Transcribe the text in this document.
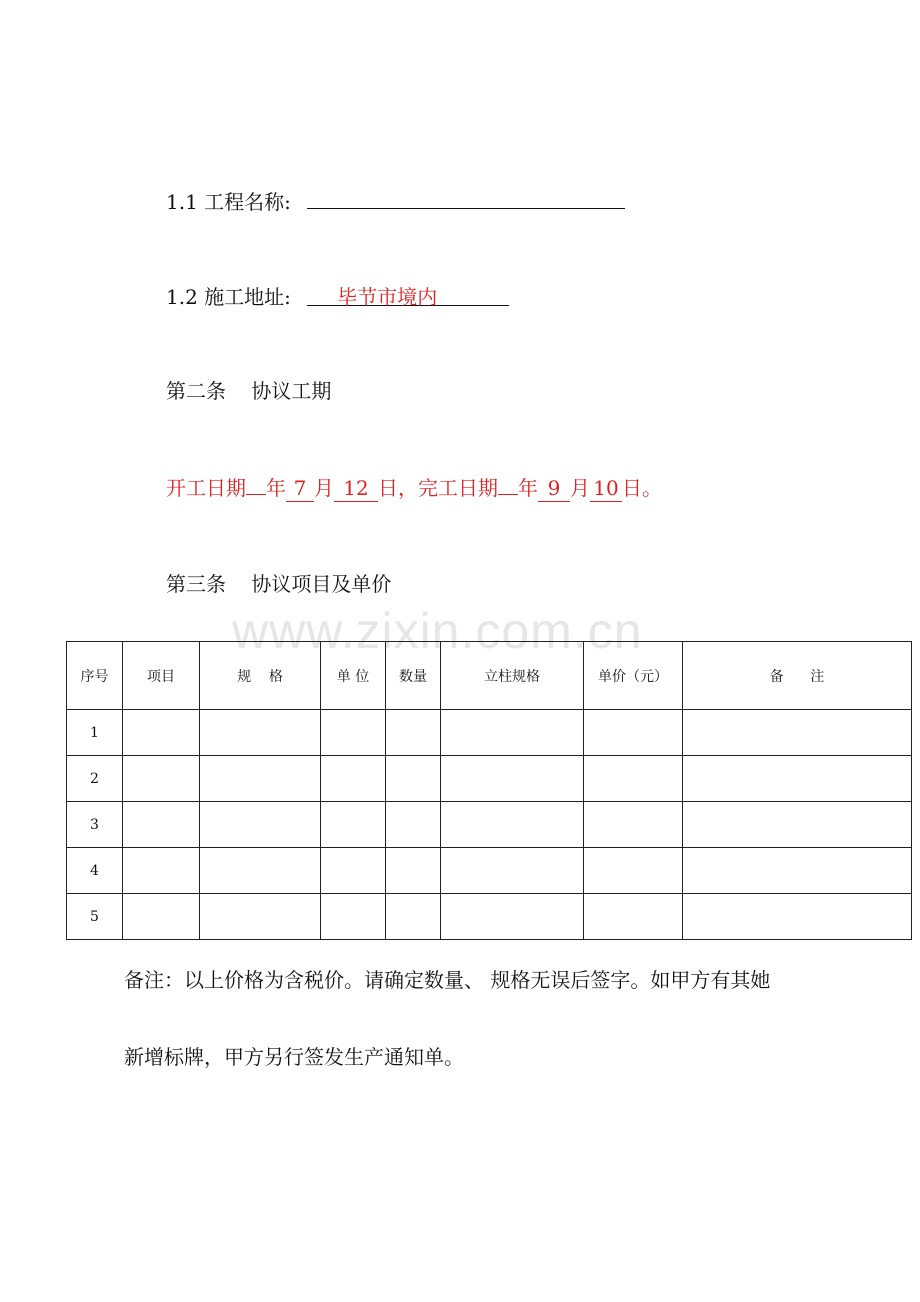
1.1 工程名称:
1.2 施工地址: 毕节市境内
第二条    协议工期
开工日期 年 7 月 12 日，完工日期 年 9 月 10 日。
第三条    协议项目及单价
www.zixin.com.cn
序号	项目	规    格	单 位	数量	立柱规格	单价（元）	备      注
1							
2							
3							
4							
5							
备注：以上价格为含税价。请确定数量、 规格无误后签字。如甲方有其她
新增标牌，甲方另行签发生产通知单。
